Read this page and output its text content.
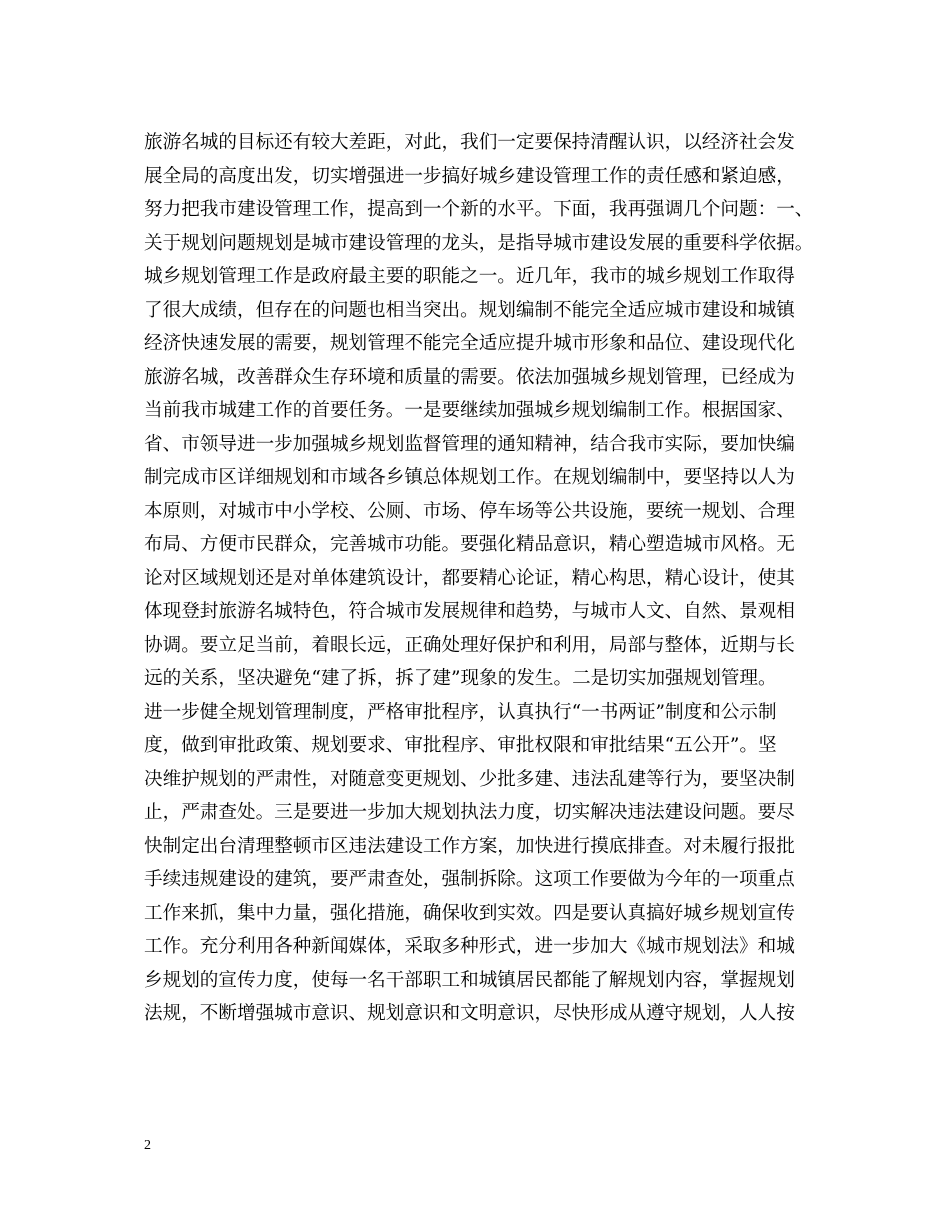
旅游名城的目标还有较大差距，对此，我们一定要保持清醒认识，以经济社会发
展全局的高度出发，切实增强进一步搞好城乡建设管理工作的责任感和紧迫感，
努力把我市建设管理工作，提高到一个新的水平。下面，我再强调几个问题：一、
关于规划问题规划是城市建设管理的龙头，是指导城市建设发展的重要科学依据。
城乡规划管理工作是政府最主要的职能之一。近几年，我市的城乡规划工作取得
了很大成绩，但存在的问题也相当突出。规划编制不能完全适应城市建设和城镇
经济快速发展的需要，规划管理不能完全适应提升城市形象和品位、建设现代化
旅游名城，改善群众生存环境和质量的需要。依法加强城乡规划管理，已经成为
当前我市城建工作的首要任务。一是要继续加强城乡规划编制工作。根据国家、
省、市领导进一步加强城乡规划监督管理的通知精神，结合我市实际，要加快编
制完成市区详细规划和市域各乡镇总体规划工作。在规划编制中，要坚持以人为
本原则，对城市中小学校、公厕、市场、停车场等公共设施，要统一规划、合理
布局、方便市民群众，完善城市功能。要强化精品意识，精心塑造城市风格。无
论对区域规划还是对单体建筑设计，都要精心论证，精心构思，精心设计，使其
体现登封旅游名城特色，符合城市发展规律和趋势，与城市人文、自然、景观相
协调。要立足当前，着眼长远，正确处理好保护和利用，局部与整体，近期与长
远的关系，坚决避免“建了拆，拆了建”现象的发生。二是切实加强规划管理。
进一步健全规划管理制度，严格审批程序，认真执行“一书两证”制度和公示制
度，做到审批政策、规划要求、审批程序、审批权限和审批结果“五公开”。坚
决维护规划的严肃性，对随意变更规划、少批多建、违法乱建等行为，要坚决制
止，严肃查处。三是要进一步加大规划执法力度，切实解决违法建设问题。要尽
快制定出台清理整顿市区违法建设工作方案，加快进行摸底排查。对未履行报批
手续违规建设的建筑，要严肃查处，强制拆除。这项工作要做为今年的一项重点
工作来抓，集中力量，强化措施，确保收到实效。四是要认真搞好城乡规划宣传
工作。充分利用各种新闻媒体，采取多种形式，进一步加大《城市规划法》和城
乡规划的宣传力度，使每一名干部职工和城镇居民都能了解规划内容，掌握规划
法规，不断增强城市意识、规划意识和文明意识，尽快形成从遵守规划，人人按
2
